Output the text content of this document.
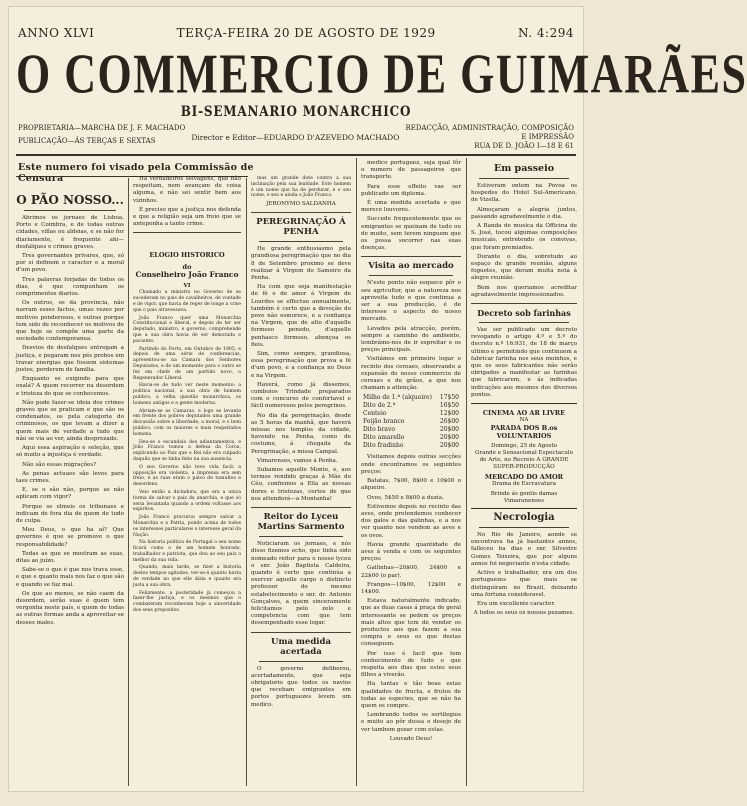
ANNO XLVI	TERÇA-FEIRA 20 DE AGOSTO DE 1929	N. 4:294
O COMMERCIO DE GUIMARÃES
BI-SEMANARIO MONARCHICO
PROPRIETARIA—MARCHA DE J. F. MACHADO
PUBLICAÇÃO—ÁS TERÇAS E SEXTAS	Director e Editor—EDUARDO D'AZEVEDO MACHADO
REDACÇÃO, ADMINISTRAÇÃO, COMPOSIÇÃO
E IMPRESSÃO
RUA DE D. JOÃO I—18 E 61
Este numero foi visado pela Commissão de Censura
O PÃO NOSSO...

Abrimos os jornaes de Lisboa, Porto e Coimbra, e de todas outras cidades, villas ou aldeias, e se não for diariamente, é frequente ahi—desfalques e crimes graves.

Tres governantes privares, que, só por si definem o caracter e a moral d'um povo.

Tres palavras forjadas de todos os dias, é que compunham os comprimentos diarios.

Os outros, os da provincia, não narram esses factos, umas vezes por motivos ponderosos, e outras porque tem sido de reconhecer os motivos de que hoje se compõe uma parte da sociedade contemporanea.

Desvios de desfalques entregam a justiça, e pegaram nos pés probos em travar energias que fossem sistemas justos, perderem de familia.

Enquanto se exigindo para que oxalá? A quem recorrer na desordem e tristeza do que se conhecemos.

Não pode fazer-se ideia dos crimes graves que se praticam e que são os condenados, os pela categoria do criminosos, os que levam a dizer a quem mais de verdade a tudo que não se via ao ver, ainda desprezado.

Aqui essa aspiração e seleção, que só muito a injustiça é verdade.

Não são essas migrações?

As penas actuaes são leves para taes crimes.

E, se o são não, porque as não aplicam com vigor?

Porque se elmeis os tribunaes e indicam de fora dia de quem de tudo de culpa.

Meu Deus, o que ha aí? Que governos é que se promove o que responsabilidade?

Todas as que se mostram as suas, ditas ao juízo.

Sabe-se o que é que nos trava esse, e que e quanto mais nos faz o que são e quando se faz mal.

Os que ao menos, se não caem da desordem, serão suas é quem tem vergonha neste país, e quem de todas as outras formas anda a aproveitar-se desses males.

Ha verdadeiros selvagens, que não respeitam, nem avançam de coisa alguma, e não sei sentir bem aos vizinhos.

É preciso que a justiça nos defenda e que a religião seja um freio que se anteponha a tanto crime.

ELOGIO HISTORICO
do
Conselheiro João Franco
VI

Chamado a ministro no Governo de se sucederam no pais de cavalheiros, de vontade e de vigor, que havia de reger de longe a crise que o pais atravessava.

João Franco quer uma Monarchia Constitucional e liberal, e depois de ter ser deputado, ministro, e governo, comprehende que a sua obra havia de ser demorada e paciente.

Partindo do Porto, em Outubro de 1905, e depois de uma série de conferencias, apresentou-se na Camara dos Senhores Deputados, e de um momento para o outro se fez em chefe de um partido novo, o Regenerador Liberal.

Havia-se de tudo ver neste momento: a politica nacional, a sua obra de homem publico, a velha questão monarchica, os homens antigos e a gente moderna.

Abriam-se as Camaras, e logo se levanta em frente dos pobres deputados uma grande discussão sobre a liberdade, a moral, e o bem publico, com os maiores e mais respeitados homens.

Deu-se o escandalo dos adiantamentos, e João Franco tomou a defesa da Coroa, explicando ao Paiz que o Rei não era culpado daquilo que se tinha feito na sua ausencia.

O seu Governo não teve vida facil: a opposição era violenta, a imprensa era sem freio, e as ruas eram o palco de tumultos e desordens.

Veio então a dictadura, que era a unica forma de salvar o paiz da anarchia, e que só seria levantada quando a ordem voltasse aos espiritos.

João Franco procurou sempre salvar a Monarchia e a Patria, pondo acima de todos os interesses particulares o interesse geral da Nação.

Na historia politica de Portugal o seu nome ficará como o de um homem honrado, trabalhador e patriota, que deu ao seu paiz o melhor da sua vida.

Quando, mais tarde, se fizer a historia destes tempos agitados, ver-se-á quanto havia de verdade no que elle dizia e quanto era justa a sua obra.

Felizmente, a posteridade já começou a fazer-lhe justiça, e os mesmos que o combateram reconhecem hoje a sinceridade dos seus propositos.

mas um grande dote contra a sua inclinação pela sua lealdade. Este homem é um nome que ha de perdurar, e o seu nome, o seu e ainda o João Franco.

JERONYMO SALDANHA
PEREGRINAÇÃO Á PENHA

He grande enthusiasmo pela grandiosa peregrinação que no dia 8 de Setembro proximo se deve realizar á Virgem do Sameiro da Penha.

Ha com que seja manifestação de fé e de amor á Virgem de Lourdes se effectue annualmente, também é certo que a devoção do povo não esmorece, e a confiança na Virgem, que de alto d'aquelle formoso penedo, d'aquelle penhasco formoso, abençoa os fieis.

Sim, como sempre, grandiosa, essa peregrinação que prova a fé d'um povo, e a confiança no Deus e na Virgem.

Haverá, como já dissemos, comboios Trindade preparados com o concurso de confortavel e fácil numerosos pelos peregrinos.

No dia da peregrinação, desde as 5 horas da manhã, que haverá missas nos templos da cidade, havendo na Penha, como de costume, á chegada da Peregrinação, a missa Campal.

Vimarenses, vamos á Penha.

Subamos aquelle Monte, e, aos termos rendido graças á Mãe do Céo, confiemos a Ella as nossas dores e tristezas, certos de que nos attenderá—a Montanha!

Reitor do Lyceu Martins Sarmento

Noticiaram os jornaes, e nós disso fizemos echo, que tinha sido nomeado reitor para o nosso lyceu o snr. João Baptista Caldeira, quando é certo que continúa a exercer aquelle cargo o distincto professor do mesmo estabelecimento o snr. dr. Antonio Gonçalves, a quem sinceramente felicitamos pelo zelo e competencia com que tem desempenhado esse logar.

Uma medida acertada

O governo deliberou, acertadamente, que seja obrigatorio que todos os navios que recebam emigrantes em portos portuguezes levem um medico.

medico portuguez, seja qual fôr o numero de passageiros que transporte.

Para esse effeito vae ser publicado um diploma.

É uma medida acertada e que merece louvores.

Succede frequentemente que os emigrantes se queixam de tudo ou de muito, sem terem ninguem que os possa socorrer nas suas doenças.

Visita ao mercado

N'este ponto não esquece pôr o seu agricultor, que a natureza nos aproveita tudo e que continua a ser a sua producção, é de interesse o aspecto do nosso mercado.

Levados pela atracção, porém, sempre a caminho do ambiente, lembrámo-nos de ir espreitar e os preços principais.

Visitámos em primeiro logar o recinto dos cereaes, observando a expansão do nosso commercio de cereaes e de grãos, a que nos chamam a attenção.

Milho de 1.ª (alqueire) 17$50
Dito de 2.ª	16$50
Centeio	12$00
Feijão branco	26$00
Dito bravo	20$00
Dito amarello	20$00
Dito fradinho	20$00

Visitamos depois outras secções onde encontramos os seguintes preços:

Batatas, 7$00, 8$00 e 10$00 o alqueire.

Ovos, 5$50 e 8$00 a duzia.

Estivemos depois no recinto das aves, onde pretendemos conhecer dos galos e das galinhas, e a nos ver quanto nos vendem as aves e os ovos.

Havia grande quantidade de aves á venda e com os seguintes preços:

Gallinhas—20$00, 24$00 e 22$00 (o par).

Frangos—10$00, 12$00 e 14$00.

Estava naturalmente indicado, que as duas casas á praça de geral interessante se pedem os preços mais altos que tem de vender os productos aos que fazem a sua compra e seus os que destas conseguem.

Por isso é facil que tem conhecimento de tudo o que respeita aos dias que estes seus filhos a viverão.

Ha tantas e tão boas estas qualidades de fructa, e frutos de todas as especies, que se não ha quem os compre.

Lembrando todos os sortilegios e muito ao pôr dessa o desejo de ver tambem gozar com estas.

Louvado Deus!
Em passeio

Estiveram ontem na Povoa os hospedes do Hotel Sul-Americano, de Vizella.

Almoçaram a alegria juntos, passando agradavelmente o dia.

A Banda de musica da Officina de S. José, tocou algumas composições musicais, entretendo os convivas, que foram premiados.

Durante o dia, sobretudo ao espaço de grande reunião, alguns foguetes, que deram muita nota á alegre reunião.

Bem nos queriamos acreditar agradavelmente impressionados.

Decreto sob farinhas

Vae ser publicado um decreto revogando o artigo 4.º e 5.º do decreto n.º 16:931, de 18 de março ultimo e permitindo que continuem a fabricar farinha nos seus moinhos, e que os seus fabricantes não serão obrigados a manifestar as farinhas que fabricarem, e ás indicadas indicações aos mesmos dos diversos pontos.

CINEMA AO AR LIVRE
NA
PARADA DOS B.os VOLUNTARIOS
Domingo, 25 de Agosto
Grande e Sensacional Espectaculo de Arte, no Recreio A GRANDE SUPER-PRODUCÇÃO
MERCADO DO AMOR
Drama de Escravatura
Brinde ás gentis damas Vimaranenses
Necrologia

No Rio de Janeiro, aonde se encontrava ha já bastantes annos, falleceu ha dias o snr. Silvestre Gomes Teixeira, que por alguns annos foi negociante n'esta cidade.

Activo e trabalhador, era um dos portuguezes que mais se distinguiram no Brazil, deixando uma fortuna consideravel.

Era um excellente caracter.

A todos os seus os nossos pezames.
